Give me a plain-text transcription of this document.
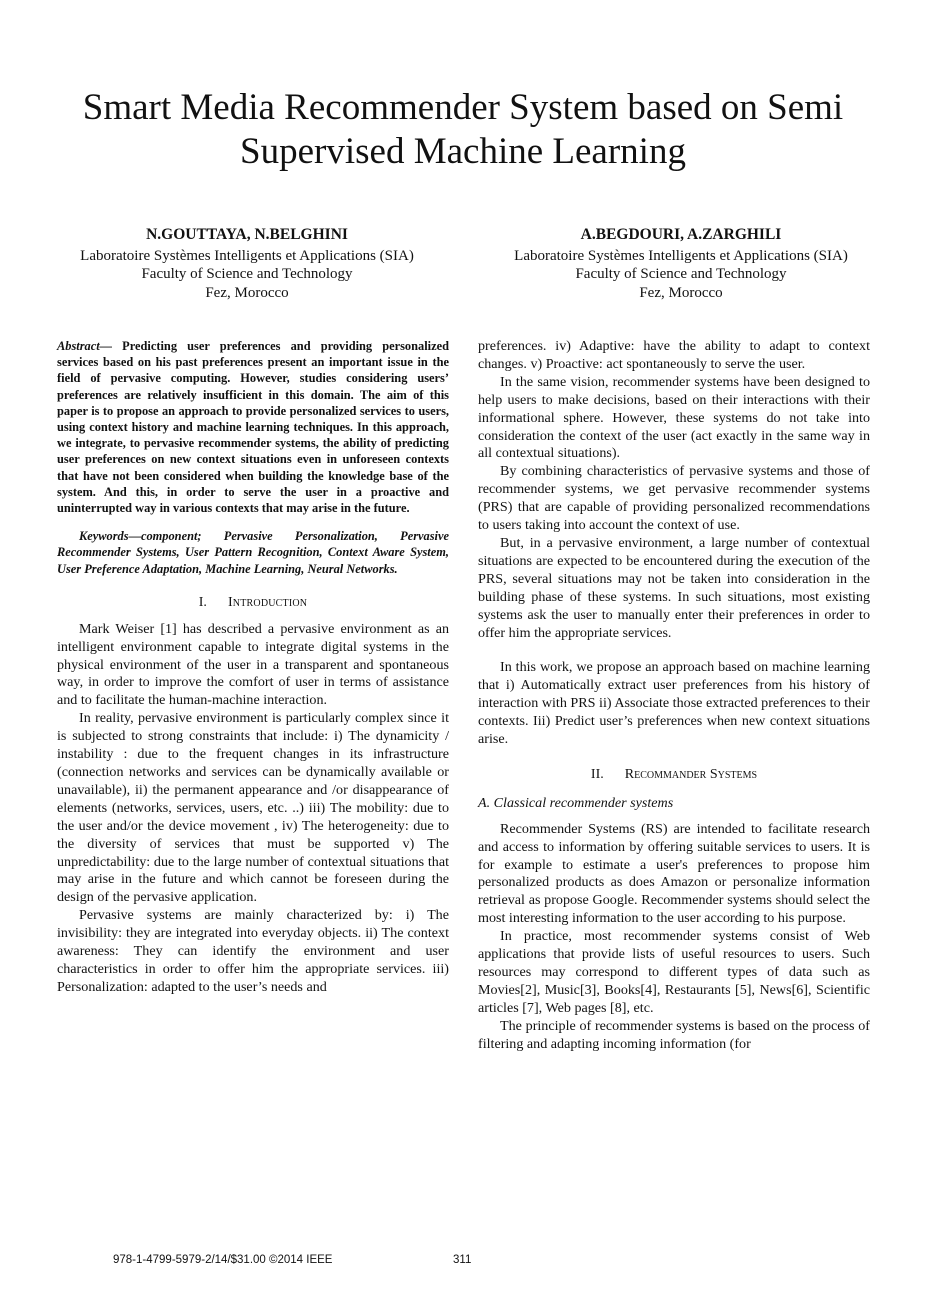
Smart Media Recommender System based on Semi Supervised Machine Learning
N.GOUTTAYA, N.BELGHINI
Laboratoire Systèmes Intelligents et Applications (SIA)
Faculty of Science and Technology
Fez, Morocco
A.BEGDOURI, A.ZARGHILI
Laboratoire Systèmes Intelligents et Applications (SIA)
Faculty of Science and Technology
Fez, Morocco

Abstract— Predicting user preferences and providing personalized services based on his past preferences present an important issue in the field of pervasive computing. However, studies considering users’ preferences are relatively insufficient in this domain. The aim of this paper is to propose an approach to provide personalized services to users, using context history and machine learning techniques. In this approach, we integrate, to pervasive recommender systems, the ability of predicting user preferences on new context situations even in unforeseen contexts that have not been considered when building the knowledge base of the system. And this, in order to serve the user in a proactive and uninterrupted way in various contexts that may arise in the future.

Keywords—component; Pervasive Personalization, Pervasive Recommender Systems, User Pattern Recognition, Context Aware System, User Preference Adaptation, Machine Learning, Neural Networks.

I. Introduction

Mark Weiser [1] has described a pervasive environment as an intelligent environment capable to integrate digital systems in the physical environment of the user in a transparent and spontaneous way, in order to improve the comfort of user in terms of assistance and to facilitate the human-machine interaction.

In reality, pervasive environment is particularly complex since it is subjected to strong constraints that include: i) The dynamicity / instability : due to the frequent changes in its infrastructure (connection networks and services can be dynamically available or unavailable), ii) the permanent appearance and /or disappearance of elements (networks, services, users, etc. ..) iii) The mobility: due to the user and/or the device movement , iv) The heterogeneity: due to the diversity of services that must be supported v) The unpredictability: due to the large number of contextual situations that may arise in the future and which cannot be foreseen during the design of the pervasive application.

Pervasive systems are mainly characterized by: i) The invisibility: they are integrated into everyday objects. ii) The context awareness: They can identify the environment and user characteristics in order to offer him the appropriate services. iii) Personalization: adapted to the user’s needs and

preferences. iv) Adaptive: have the ability to adapt to context changes. v) Proactive: act spontaneously to serve the user.

In the same vision, recommender systems have been designed to help users to make decisions, based on their interactions with their informational sphere. However, these systems do not take into consideration the context of the user (act exactly in the same way in all contextual situations).

By combining characteristics of pervasive systems and those of recommender systems, we get pervasive recommender systems (PRS) that are capable of providing personalized recommendations to users taking into account the context of use.

But, in a pervasive environment, a large number of contextual situations are expected to be encountered during the execution of the PRS, several situations may not be taken into consideration in the building phase of these systems. In such situations, most existing systems ask the user to manually enter their preferences in order to offer him the appropriate services.

In this work, we propose an approach based on machine learning that i) Automatically extract user preferences from his history of interaction with PRS ii) Associate those extracted preferences to their contexts. Iii) Predict user’s preferences when new context situations arise.

II. Recommander Systems

A. Classical recommender systems

Recommender Systems (RS) are intended to facilitate research and access to information by offering suitable services to users. It is for example to estimate a user's preferences to propose him personalized products as does Amazon or personalize information retrieval as propose Google. Recommender systems should select the most interesting information to the user according to his purpose.

In practice, most recommender systems consist of Web applications that provide lists of useful resources to users. Such resources may correspond to different types of data such as Movies[2], Music[3], Books[4], Restaurants [5], News[6], Scientific articles [7], Web pages [8], etc.

The principle of recommender systems is based on the process of filtering and adapting incoming information (for

978-1-4799-5979-2/14/$31.00 ©2014 IEEE	311
